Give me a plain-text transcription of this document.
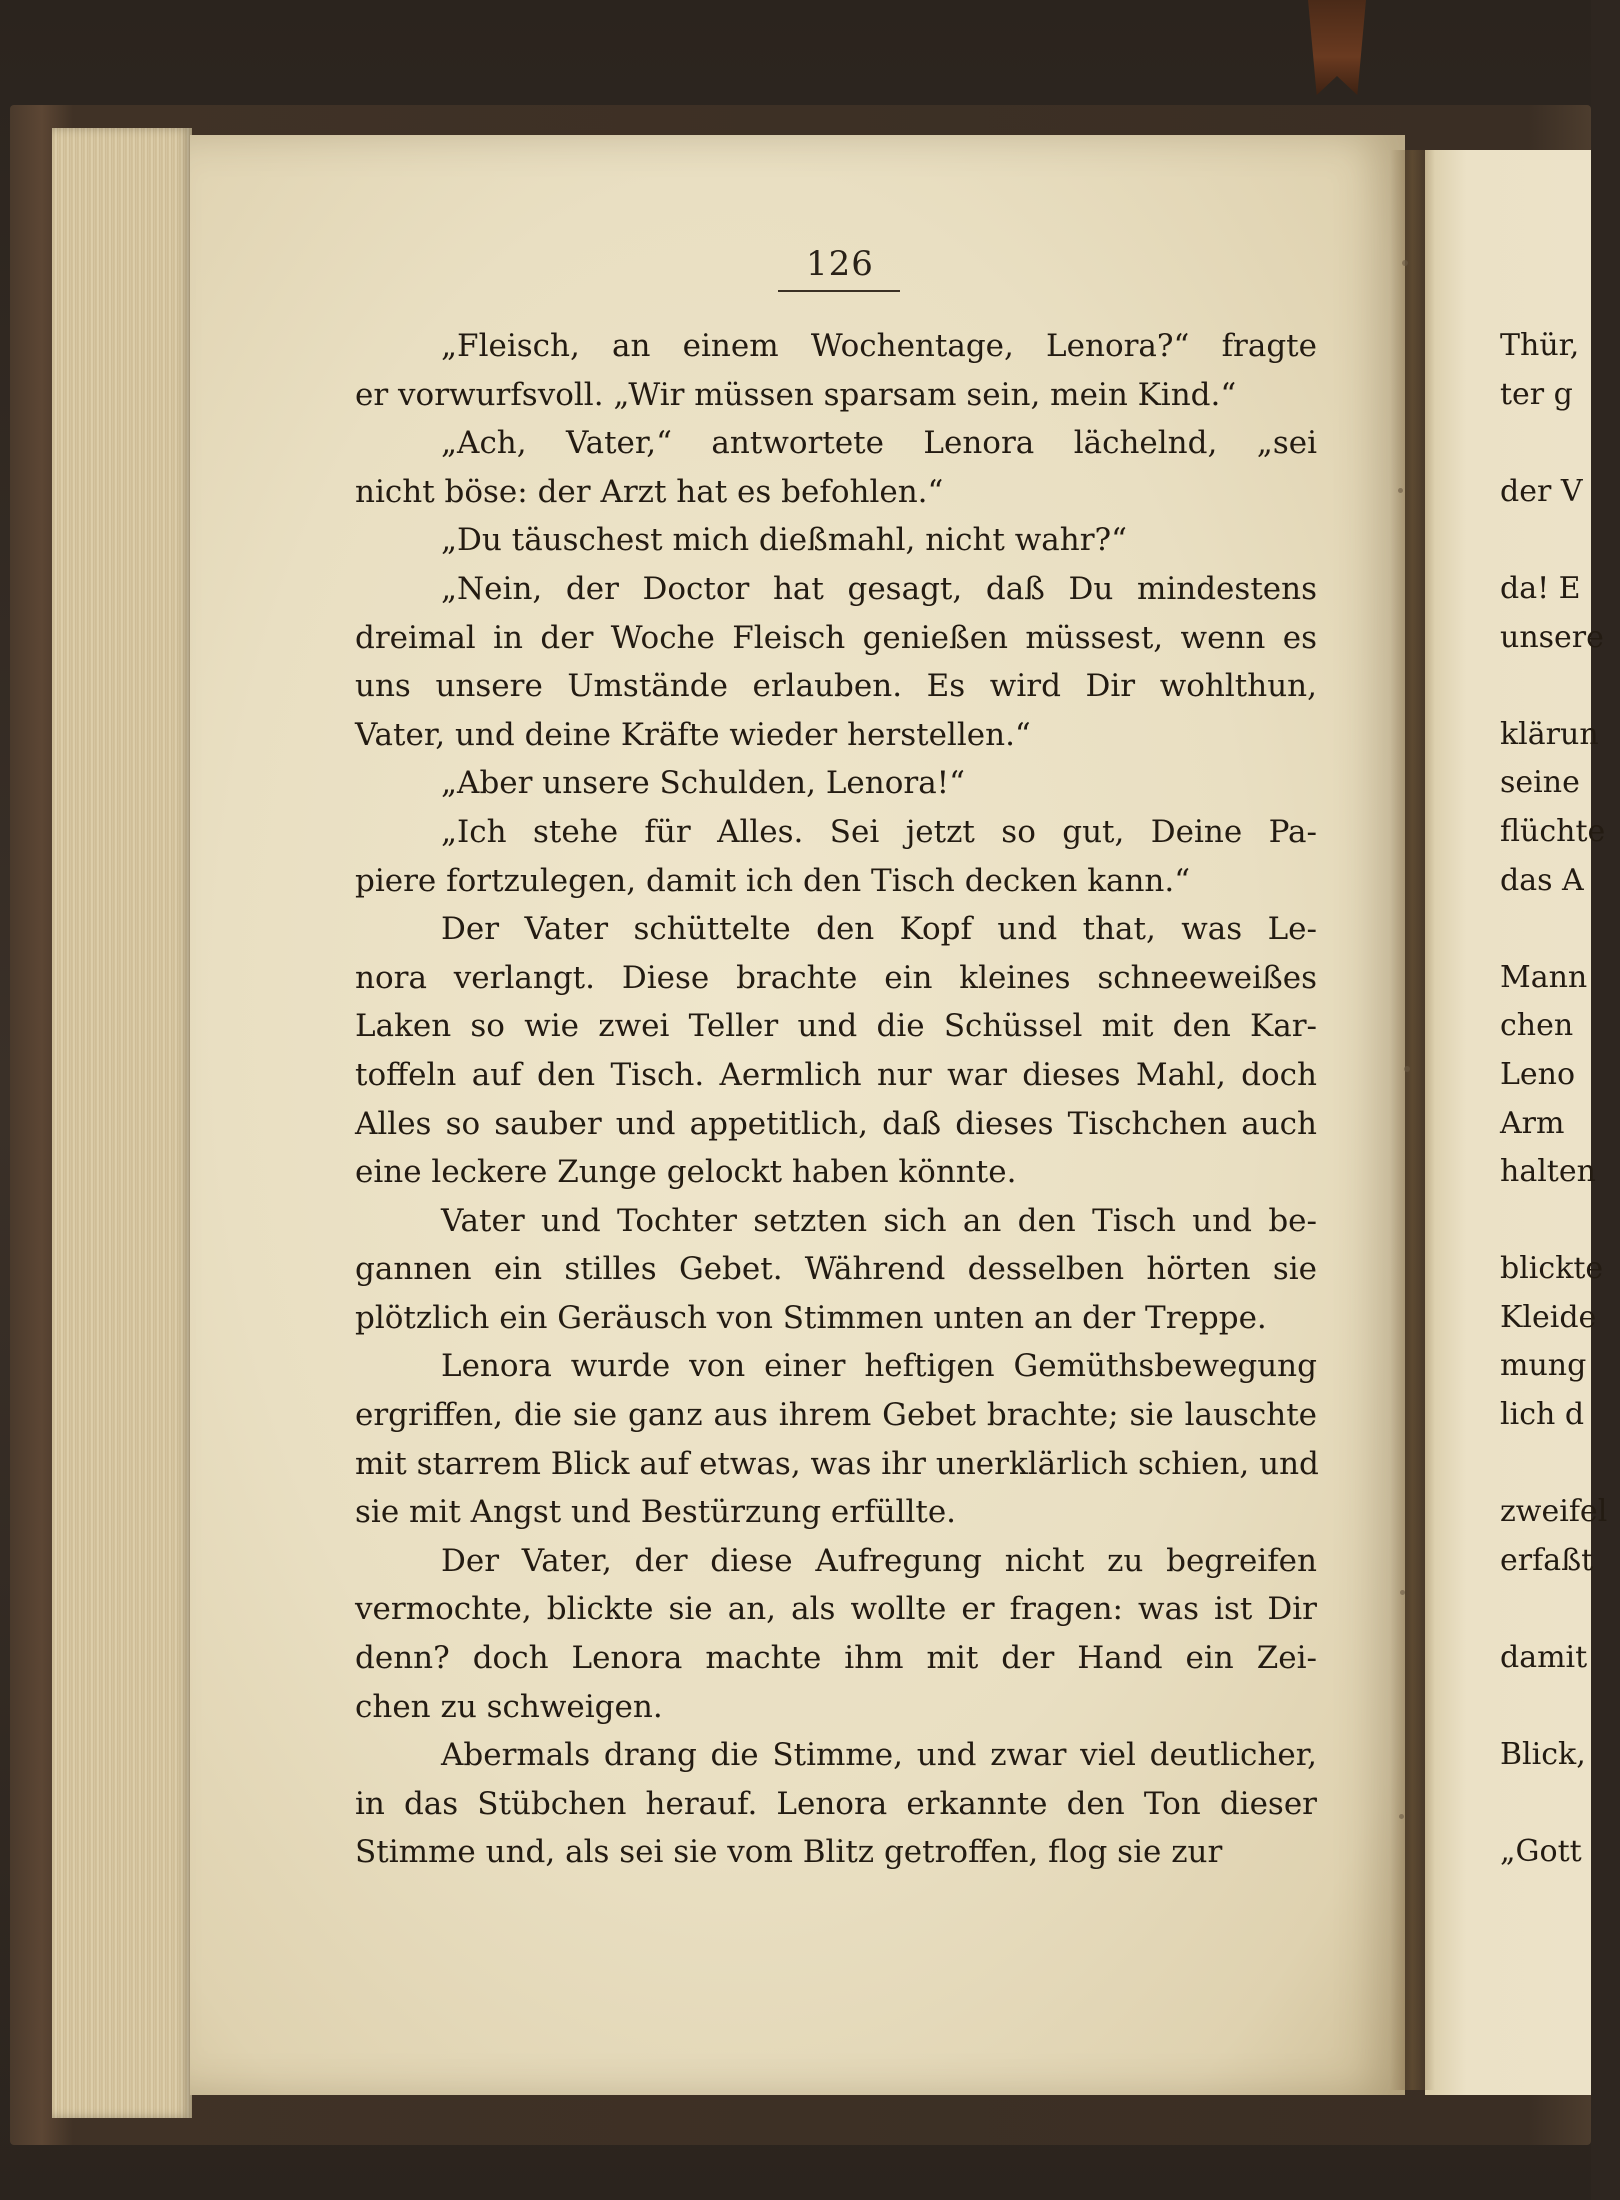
126
„Fleisch, an einem Wochentage, Lenora?“ fragte
er vorwurfsvoll. „Wir müssen sparsam sein, mein Kind.“
„Ach, Vater,“ antwortete Lenora lächelnd, „sei
nicht böse: der Arzt hat es befohlen.“
„Du täuschest mich dießmahl, nicht wahr?“
„Nein, der Doctor hat gesagt, daß Du mindestens
dreimal in der Woche Fleisch genießen müssest, wenn es
uns unsere Umstände erlauben. Es wird Dir wohlthun,
Vater, und deine Kräfte wieder herstellen.“
„Aber unsere Schulden, Lenora!“
„Ich stehe für Alles. Sei jetzt so gut, Deine Pa-
piere fortzulegen, damit ich den Tisch decken kann.“
Der Vater schüttelte den Kopf und that, was Le-
nora verlangt. Diese brachte ein kleines schneeweißes
Laken so wie zwei Teller und die Schüssel mit den Kar-
toffeln auf den Tisch. Aermlich nur war dieses Mahl, doch
Alles so sauber und appetitlich, daß dieses Tischchen auch
eine leckere Zunge gelockt haben könnte.
Vater und Tochter setzten sich an den Tisch und be-
gannen ein stilles Gebet. Während desselben hörten sie
plötzlich ein Geräusch von Stimmen unten an der Treppe.
Lenora wurde von einer heftigen Gemüthsbewegung
ergriffen, die sie ganz aus ihrem Gebet brachte; sie lauschte
mit starrem Blick auf etwas, was ihr unerklärlich schien, und
sie mit Angst und Bestürzung erfüllte.
Der Vater, der diese Aufregung nicht zu begreifen
vermochte, blickte sie an, als wollte er fragen: was ist Dir
denn? doch Lenora machte ihm mit der Hand ein Zei-
chen zu schweigen.
Abermals drang die Stimme, und zwar viel deutlicher,
in das Stübchen herauf. Lenora erkannte den Ton dieser
Stimme und, als sei sie vom Blitz getroffen, flog sie zur
Thür,
ter g
der V
da! E
unsere
klärun
seine
flüchte
das A
Mann
chen
Leno
Arm
halten
blickte
Kleide
mung
lich d
zweifel
erfaßt
damit
Blick,
„Gott
